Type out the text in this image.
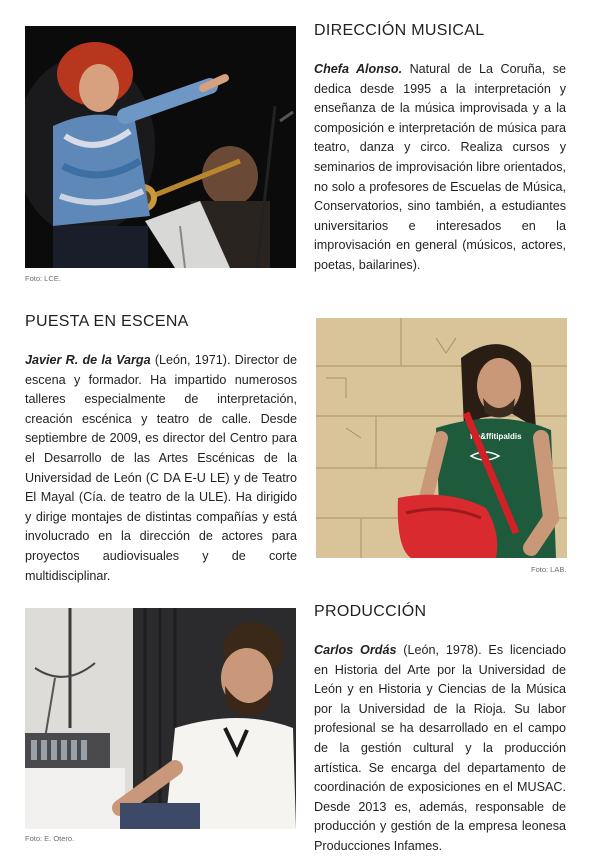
Foto: LCE.
DIRECCIÓN MUSICAL

Chefa Alonso. Natural de La Coruña, se dedica desde 1995 a la interpretación y enseñanza de la música improvisada y a la composición e interpretación de música para teatro, danza y circo. Realiza cursos y seminarios de improvisación libre orientados, no solo a profesores de Escuelas de Música, Conservatorios, sino también, a estudiantes universitarios e interesados en la improvisación en general (músicos, actores, poetas, bailarines).

PUESTA EN ESCENA

Javier R. de la Varga (León, 1971). Director de escena y formador. Ha impartido numerosos talleres especialmente de interpretación, creación escénica y teatro de calle. Desde septiembre de 2009, es director del Centro para el Desarrollo de las Artes Escénicas de la Universidad de León (C DA E-U LE) y de Teatro El Mayal (Cía. de teatro de la ULE). Ha dirigido y dirige montajes de distintas compañías y está involucrado en la dirección de actores para proyectos audiovisuales y de corte multidisciplinar.

ffo&ffitipaldis
Foto: LAB.
Foto: E. Otero.
PRODUCCIÓN

Carlos Ordás (León, 1978). Es licenciado en Historia del Arte por la Universidad de León y en Historia y Ciencias de la Música por la Universidad de la Rioja. Su labor profesional se ha desarrollado en el campo de la gestión cultural y la producción artística. Se encarga del departamento de coordinación de exposiciones en el MUSAC. Desde 2013 es, además, responsable de producción y gestión de la empresa leonesa Producciones Infames.
